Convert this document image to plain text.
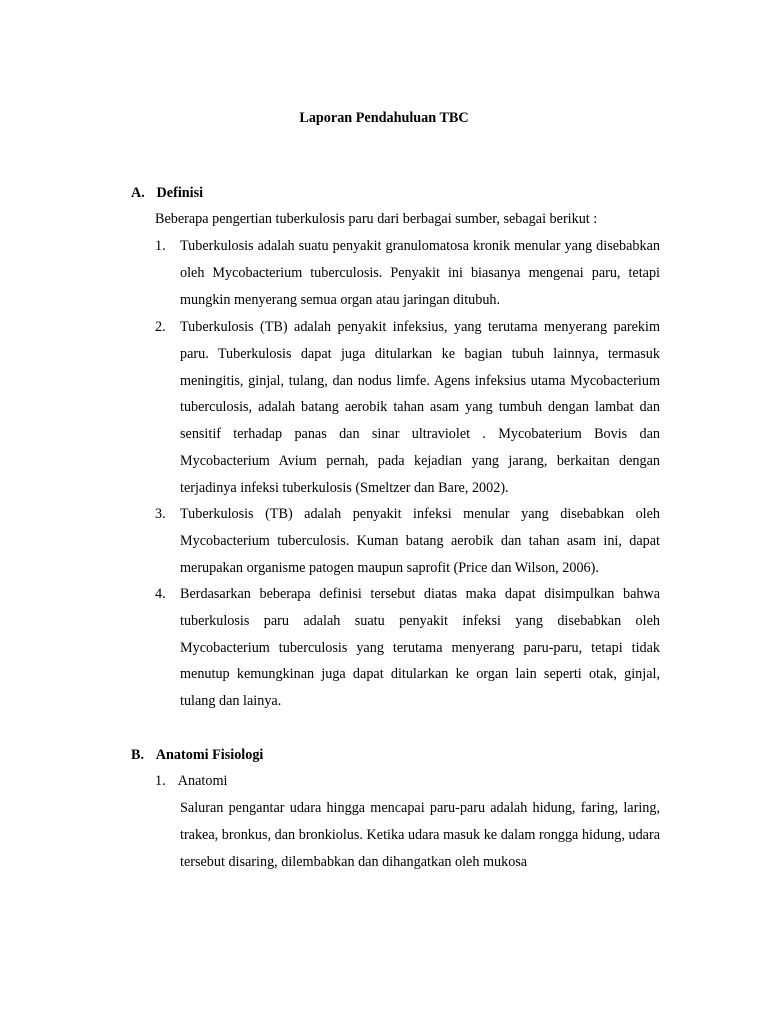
Laporan Pendahuluan TBC
A. Definisi
Beberapa pengertian tuberkulosis paru dari berbagai sumber, sebagai berikut :
1.	Tuberkulosis adalah suatu penyakit granulomatosa kronik menular yang disebabkan oleh Mycobacterium tuberculosis. Penyakit ini biasanya mengenai paru, tetapi mungkin menyerang semua organ atau jaringan ditubuh.
2.	Tuberkulosis (TB) adalah penyakit infeksius, yang terutama menyerang parekim paru. Tuberkulosis dapat juga ditularkan ke bagian tubuh lainnya, termasuk meningitis, ginjal, tulang, dan nodus limfe. Agens infeksius utama Mycobacterium tuberculosis, adalah batang aerobik tahan asam yang tumbuh dengan lambat dan sensitif terhadap panas dan sinar ultraviolet . Mycobaterium Bovis dan Mycobacterium Avium pernah, pada kejadian yang jarang, berkaitan dengan terjadinya infeksi tuberkulosis (Smeltzer dan Bare, 2002).
3.	Tuberkulosis (TB) adalah penyakit infeksi menular yang disebabkan oleh Mycobacterium tuberculosis. Kuman batang aerobik dan tahan asam ini, dapat merupakan organisme patogen maupun saprofit (Price dan Wilson, 2006).
4.	Berdasarkan beberapa definisi tersebut diatas maka dapat disimpulkan bahwa tuberkulosis paru adalah suatu penyakit infeksi yang disebabkan oleh Mycobacterium tuberculosis yang terutama menyerang paru-paru, tetapi tidak menutup kemungkinan juga dapat ditularkan ke organ lain seperti otak, ginjal, tulang dan lainya.
B. Anatomi Fisiologi
1. Anatomi
Saluran pengantar udara hingga mencapai paru-paru adalah hidung, faring, laring, trakea, bronkus, dan bronkiolus. Ketika udara masuk ke dalam rongga hidung, udara tersebut disaring, dilembabkan dan dihangatkan oleh mukosa
